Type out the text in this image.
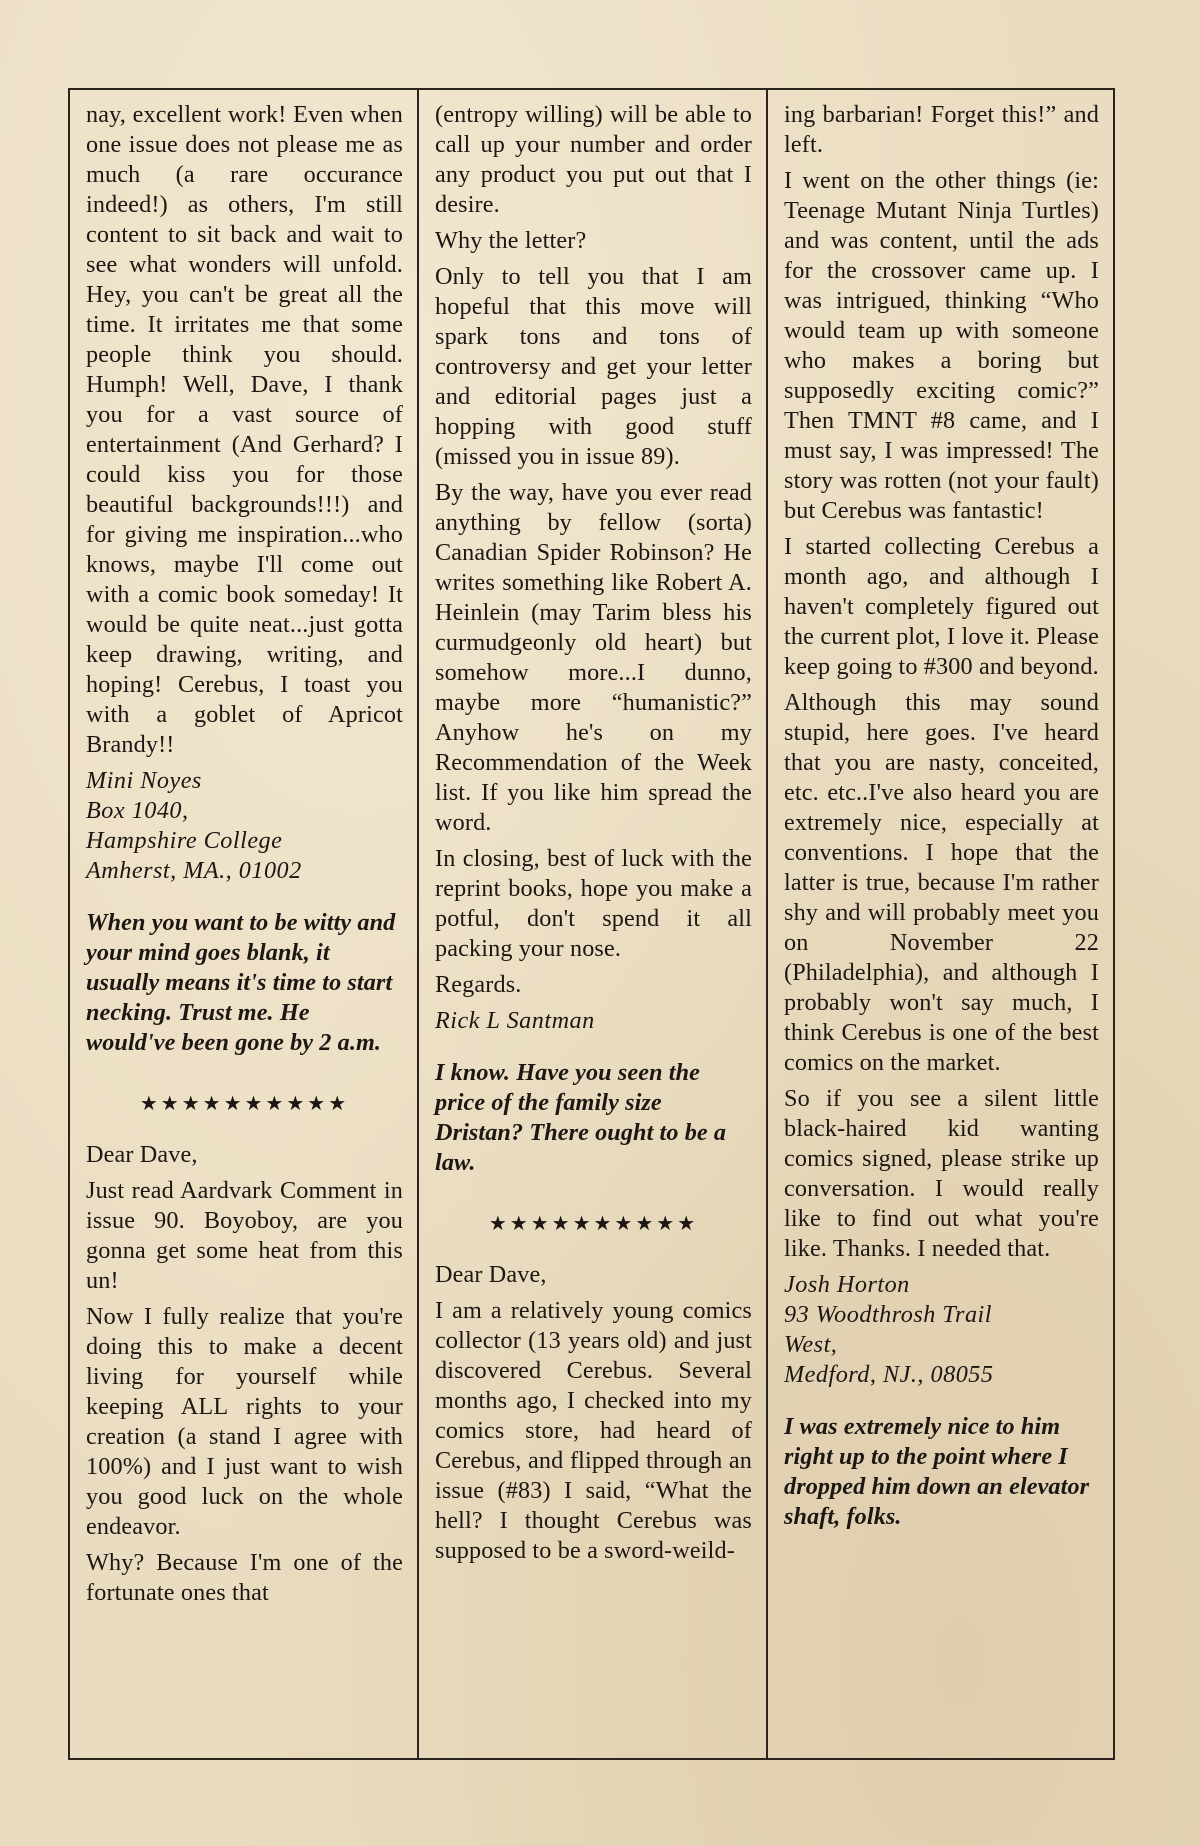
nay, excellent work! Even when one issue does not please me as much (a rare occurance indeed!) as others, I'm still content to sit back and wait to see what wonders will unfold. Hey, you can't be great all the time. It irritates me that some people think you should. Humph! Well, Dave, I thank you for a vast source of entertainment (And Gerhard? I could kiss you for those beautiful backgrounds!!!) and for giving me inspiration...who knows, maybe I'll come out with a comic book someday! It would be quite neat...just gotta keep drawing, writing, and hoping! Cerebus, I toast you with a goblet of Apricot Brandy!!

Mini Noyes

Box 1040,

Hampshire College

Amherst, MA., 01002

When you want to be witty and your mind goes blank, it usually means it's time to start necking. Trust me. He would've been gone by 2 a.m.

★★★★★★★★★★

Dear Dave,

Just read Aardvark Comment in issue 90. Boyoboy, are you gonna get some heat from this un!

Now I fully realize that you're doing this to make a decent living for yourself while keeping ALL rights to your creation (a stand I agree with 100%) and I just want to wish you good luck on the whole endeavor.

Why? Because I'm one of the fortunate ones that

(entropy willing) will be able to call up your number and order any product you put out that I desire.

Why the letter?

Only to tell you that I am hopeful that this move will spark tons and tons of controversy and get your letter and editorial pages just a hopping with good stuff (missed you in issue 89).

By the way, have you ever read anything by fellow (sorta) Canadian Spider Robinson? He writes something like Robert A. Heinlein (may Tarim bless his curmudgeonly old heart) but somehow more...I dunno, maybe more “humanistic?” Anyhow he's on my Recommendation of the Week list. If you like him spread the word.

In closing, best of luck with the reprint books, hope you make a potful, don't spend it all packing your nose.

Regards.

Rick L Santman

I know. Have you seen the price of the family size Dristan? There ought to be a law.

★★★★★★★★★★

Dear Dave,

I am a relatively young comics collector (13 years old) and just discovered Cerebus. Several months ago, I checked into my comics store, had heard of Cerebus, and flipped through an issue (#83) I said, “What the hell? I thought Cerebus was supposed to be a sword-weild-

ing barbarian! Forget this!” and left.

I went on the other things (ie: Teenage Mutant Ninja Turtles) and was content, until the ads for the crossover came up. I was intrigued, thinking “Who would team up with someone who makes a boring but supposedly exciting comic?” Then TMNT #8 came, and I must say, I was impressed! The story was rotten (not your fault) but Cerebus was fantastic!

I started collecting Cerebus a month ago, and although I haven't completely figured out the current plot, I love it. Please keep going to #300 and beyond.

Although this may sound stupid, here goes. I've heard that you are nasty, conceited, etc. etc..I've also heard you are extremely nice, especially at conventions. I hope that the latter is true, because I'm rather shy and will probably meet you on November 22 (Philadelphia), and although I probably won't say much, I think Cerebus is one of the best comics on the market.

So if you see a silent little black-haired kid wanting comics signed, please strike up conversation. I would really like to find out what you're like. Thanks. I needed that.

Josh Horton

93 Woodthrosh Trail

West,

Medford, NJ., 08055

I was extremely nice to him right up to the point where I dropped him down an elevator shaft, folks.
